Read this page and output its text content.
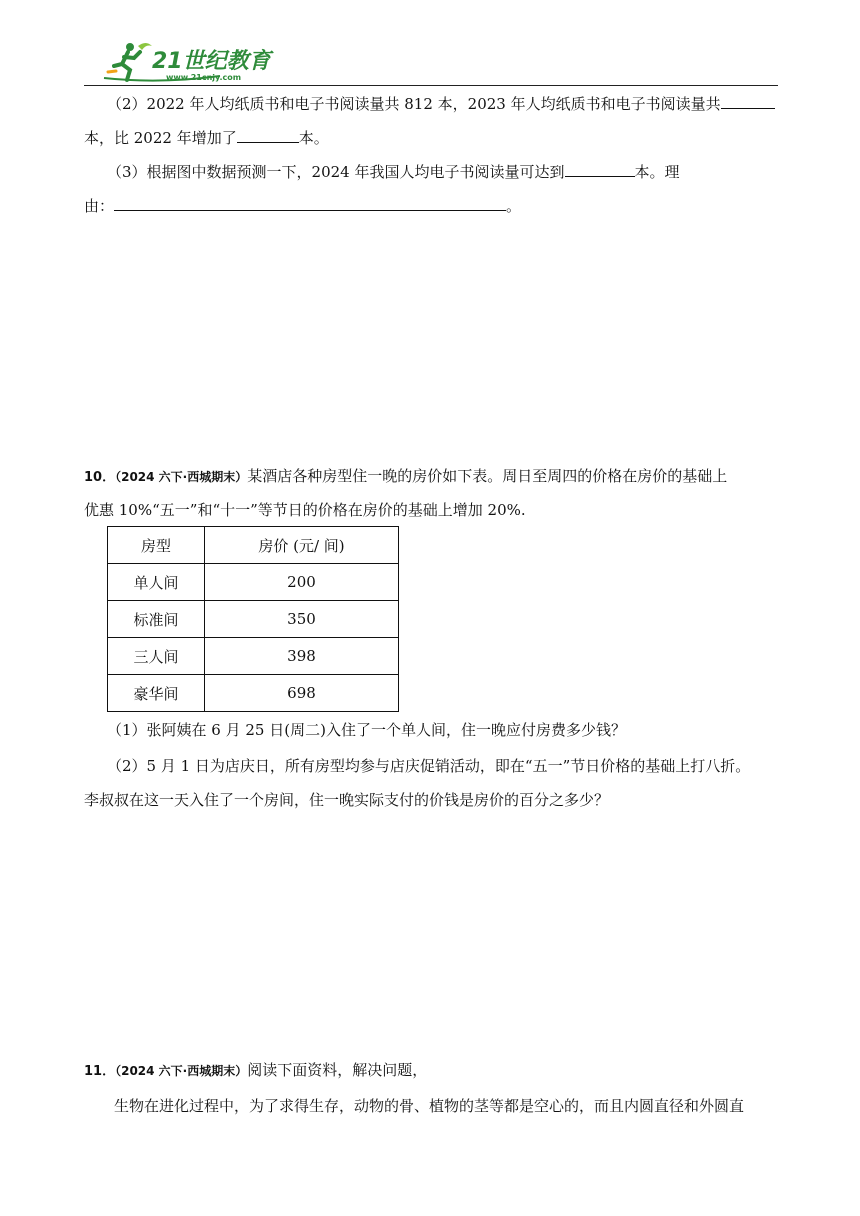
21世纪教育
www.21cnjy.com
（2）2022 年人均纸质书和电子书阅读量共 812 本，2023 年人均纸质书和电子书阅读量共
本，比 2022 年增加了	本。
（3）根据图中数据预测一下，2024 年我国人均电子书阅读量可达到	本。理
由：	。
10．（2024 六下·西城期末）某酒店各种房型住一晚的房价如下表。周日至周四的价格在房价的基础上
优惠 10%“五一”和“十一”等节日的价格在房价的基础上增加 20%.
房型	房价 (元/ 间)
单人间	200
标准间	350
三人间	398
豪华间	698
（1）张阿姨在 6 月 25 日(周二)入住了一个单人间，住一晚应付房费多少钱？
（2）5 月 1 日为店庆日，所有房型均参与店庆促销活动，即在“五一”节日价格的基础上打八折。
李叔叔在这一天入住了一个房间，住一晚实际支付的价钱是房价的百分之多少？
11．（2024 六下·西城期末）阅读下面资料，解决问题，
生物在进化过程中，为了求得生存，动物的骨、植物的茎等都是空心的，而且内圆直径和外圆直
